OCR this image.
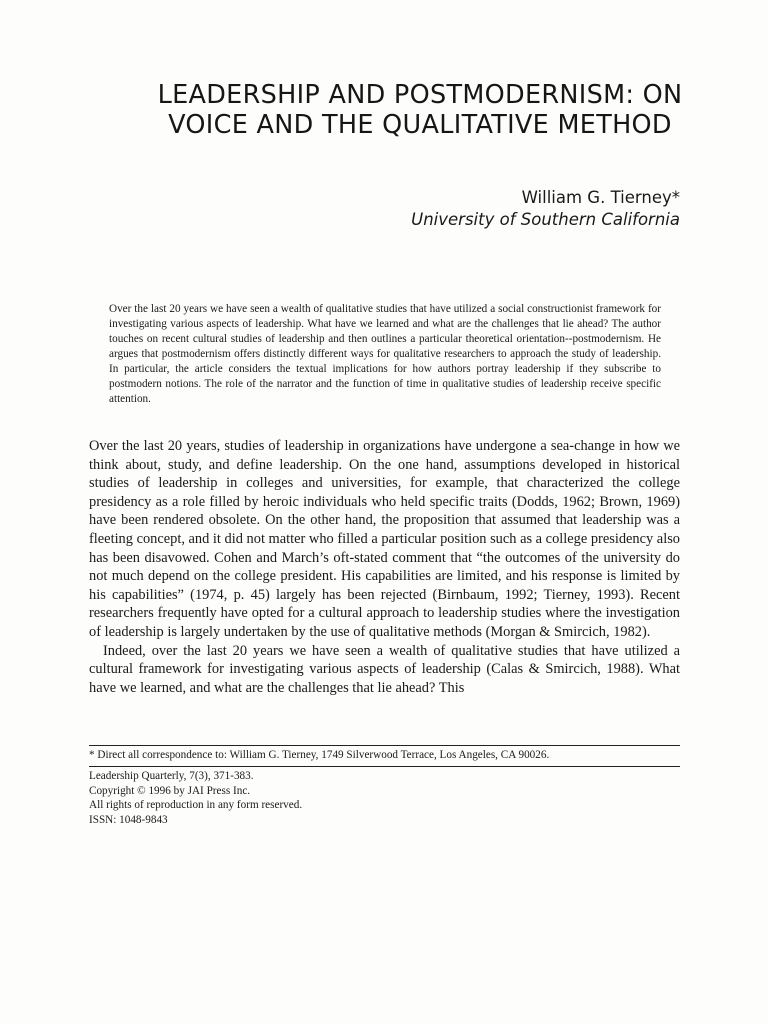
LEADERSHIP AND POSTMODERNISM: ON
VOICE AND THE QUALITATIVE METHOD
William G. Tierney*
University of Southern California

Over the last 20 years we have seen a wealth of qualitative studies that have utilized a social constructionist framework for investigating various aspects of leadership. What have we learned and what are the challenges that lie ahead? The author touches on recent cultural studies of leadership and then outlines a particular theoretical orientation--postmodernism. He argues that postmodernism offers distinctly different ways for qualitative researchers to approach the study of leadership. In particular, the article considers the textual implications for how authors portray leadership if they subscribe to postmodern notions. The role of the narrator and the function of time in qualitative studies of leadership receive specific attention.

Over the last 20 years, studies of leadership in organizations have undergone a sea-change in how we think about, study, and define leadership. On the one hand, assumptions developed in historical studies of leadership in colleges and universities, for example, that characterized the college presidency as a role filled by heroic individuals who held specific traits (Dodds, 1962; Brown, 1969) have been rendered obsolete. On the other hand, the proposition that assumed that leadership was a fleeting concept, and it did not matter who filled a particular position such as a college presidency also has been disavowed. Cohen and March’s oft-stated comment that “the outcomes of the university do not much depend on the college president. His capabilities are limited, and his response is limited by his capabilities” (1974, p. 45) largely has been rejected (Birnbaum, 1992; Tierney, 1993). Recent researchers frequently have opted for a cultural approach to leadership studies where the investigation of leadership is largely undertaken by the use of qualitative methods (Morgan & Smircich, 1982).

Indeed, over the last 20 years we have seen a wealth of qualitative studies that have utilized a cultural framework for investigating various aspects of leadership (Calas & Smircich, 1988). What have we learned, and what are the challenges that lie ahead? This

* Direct all correspondence to: William G. Tierney, 1749 Silverwood Terrace, Los Angeles, CA 90026.
Leadership Quarterly, 7(3), 371-383.
Copyright © 1996 by JAI Press Inc.
All rights of reproduction in any form reserved.
ISSN: 1048-9843
